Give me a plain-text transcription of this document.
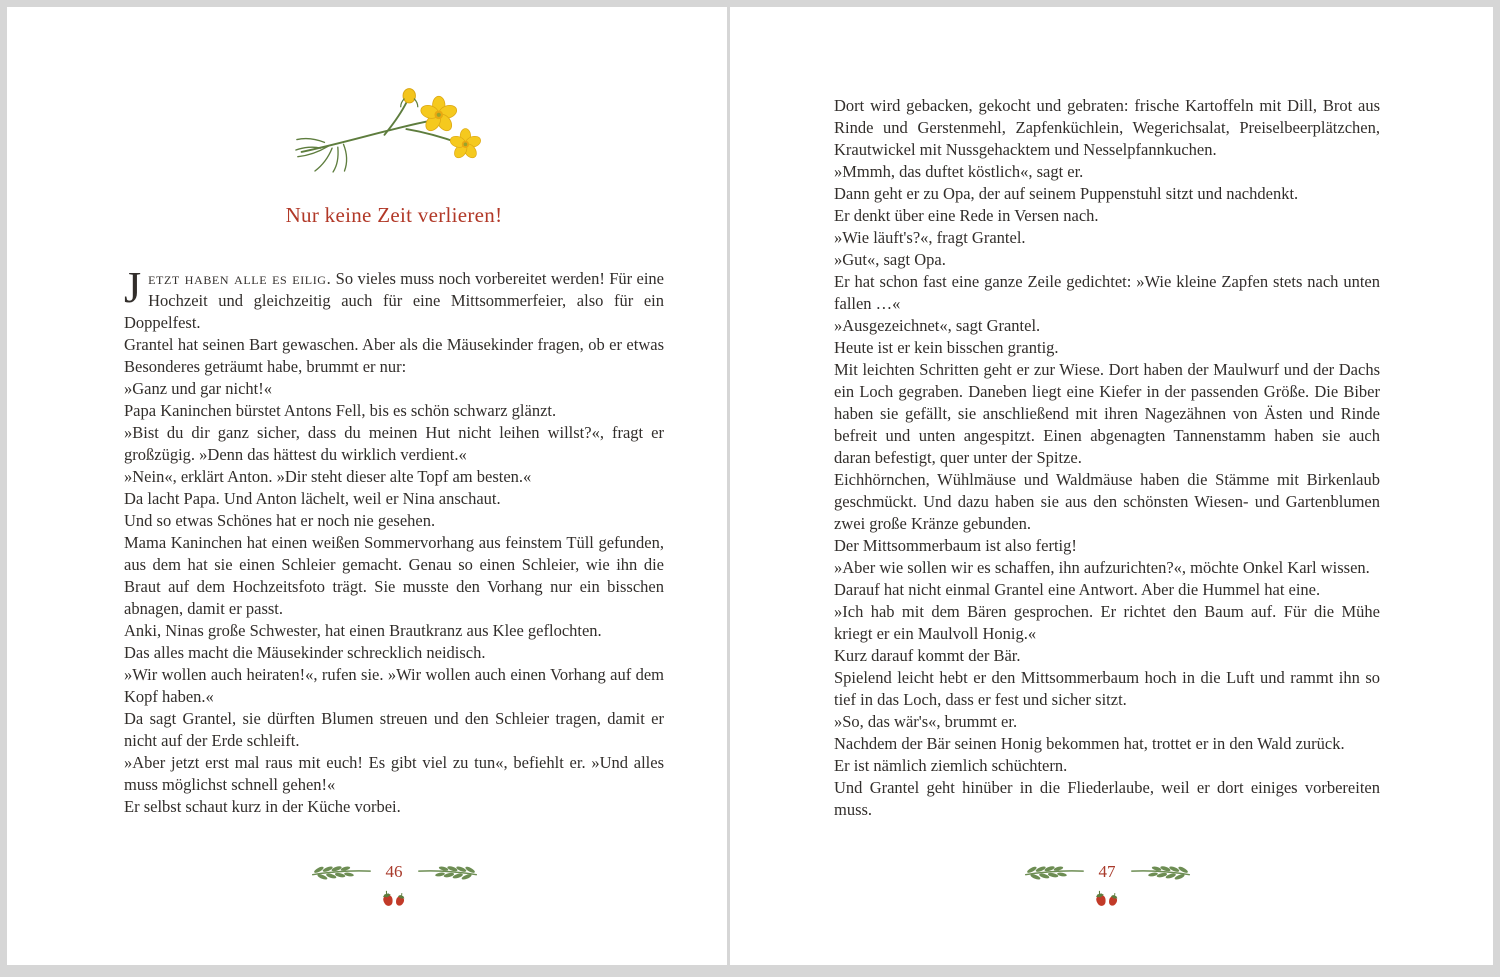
Nur keine Zeit verlieren!

Jetzt haben alle es eilig. So vieles muss noch vorbereitet werden! Für eine Hochzeit und gleichzeitig auch für eine Mittsommerfeier, also für ein Doppelfest.

Grantel hat seinen Bart gewaschen. Aber als die Mäusekinder fragen, ob er etwas Besonderes geträumt habe, brummt er nur:

»Ganz und gar nicht!«

Papa Kaninchen bürstet Antons Fell, bis es schön schwarz glänzt.

»Bist du dir ganz sicher, dass du meinen Hut nicht leihen willst?«, fragt er großzügig. »Denn das hättest du wirklich verdient.«

»Nein«, erklärt Anton. »Dir steht dieser alte Topf am besten.«

Da lacht Papa. Und Anton lächelt, weil er Nina anschaut.

Und so etwas Schönes hat er noch nie gesehen.

Mama Kaninchen hat einen weißen Sommervorhang aus feinstem Tüll gefunden, aus dem hat sie einen Schleier gemacht. Genau so einen Schleier, wie ihn die Braut auf dem Hochzeitsfoto trägt. Sie musste den Vorhang nur ein bisschen abnagen, damit er passt.

Anki, Ninas große Schwester, hat einen Brautkranz aus Klee geflochten.

Das alles macht die Mäusekinder schrecklich neidisch.

»Wir wollen auch heiraten!«, rufen sie. »Wir wollen auch einen Vorhang auf dem Kopf haben.«

Da sagt Grantel, sie dürften Blumen streuen und den Schleier tragen, damit er nicht auf der Erde schleift.

»Aber jetzt erst mal raus mit euch! Es gibt viel zu tun«, befiehlt er. »Und alles muss möglichst schnell gehen!«

Er selbst schaut kurz in der Küche vorbei.

46

Dort wird gebacken, gekocht und gebraten: frische Kartoffeln mit Dill, Brot aus Rinde und Gerstenmehl, Zapfenküchlein, Wegerichsalat, Preiselbeerplätzchen, Krautwickel mit Nussgehacktem und Nesselpfannkuchen.

»Mmmh, das duftet köstlich«, sagt er.

Dann geht er zu Opa, der auf seinem Puppenstuhl sitzt und nachdenkt.

Er denkt über eine Rede in Versen nach.

»Wie läuft's?«, fragt Grantel.

»Gut«, sagt Opa.

Er hat schon fast eine ganze Zeile gedichtet: »Wie kleine Zapfen stets nach unten fallen …«

»Ausgezeichnet«, sagt Grantel.

Heute ist er kein bisschen grantig.

Mit leichten Schritten geht er zur Wiese. Dort haben der Maulwurf und der Dachs ein Loch gegraben. Daneben liegt eine Kiefer in der passenden Größe. Die Biber haben sie gefällt, sie anschließend mit ihren Nagezähnen von Ästen und Rinde befreit und unten angespitzt. Einen abgenagten Tannenstamm haben sie auch daran befestigt, quer unter der Spitze.

Eichhörnchen, Wühlmäuse und Waldmäuse haben die Stämme mit Birkenlaub geschmückt. Und dazu haben sie aus den schönsten Wiesen- und Gartenblumen zwei große Kränze gebunden.

Der Mittsommerbaum ist also fertig!

»Aber wie sollen wir es schaffen, ihn aufzurichten?«, möchte Onkel Karl wissen.

Darauf hat nicht einmal Grantel eine Antwort. Aber die Hummel hat eine.

»Ich hab mit dem Bären gesprochen. Er richtet den Baum auf. Für die Mühe kriegt er ein Maulvoll Honig.«

Kurz darauf kommt der Bär.

Spielend leicht hebt er den Mittsommerbaum hoch in die Luft und rammt ihn so tief in das Loch, dass er fest und sicher sitzt.

»So, das wär's«, brummt er.

Nachdem der Bär seinen Honig bekommen hat, trottet er in den Wald zurück.

Er ist nämlich ziemlich schüchtern.

Und Grantel geht hinüber in die Fliederlaube, weil er dort einiges vorbereiten muss.

47
